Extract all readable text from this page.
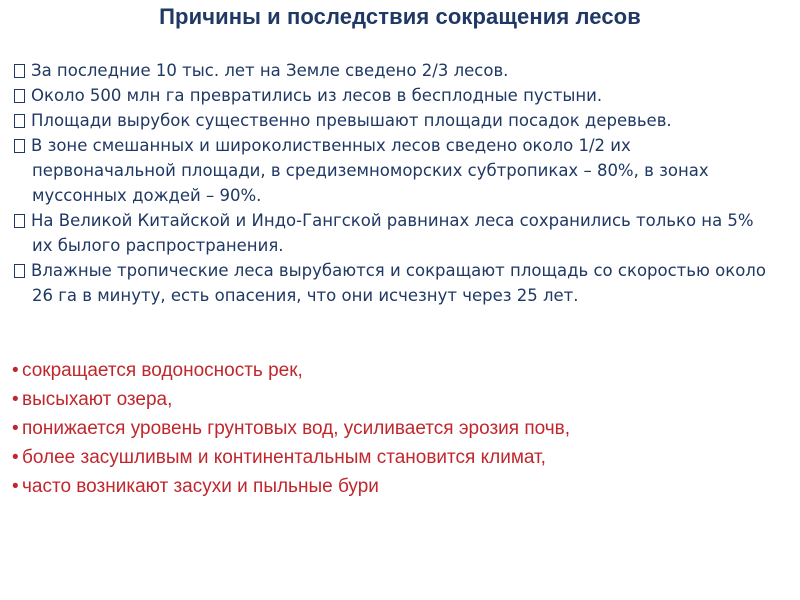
Причины и последствия сокращения лесов
За последние 10 тыс. лет на Земле сведено 2/3 лесов.
Около 500 млн га превратились из лесов в бесплодные пустыни.
Площади вырубок существенно превышают площади посадок деревьев.
В зоне смешанных и широколиственных лесов сведено около 1/2 их первоначальной площади, в средиземноморских субтропиках – 80%, в зонах муссонных дождей – 90%.
На Великой Китайской и Индо-Гангской равнинах леса сохранились только на 5% их былого распространения.
Влажные тропические леса вырубаются и сокращают площадь со скоростью около 26 га в минуту, есть опасения, что они исчезнут через 25 лет.
• сокращается водоносность рек,
• высыхают озера,
• понижается уровень грунтовых вод, усиливается эрозия почв,
• более засушливым и континентальным становится климат,
• часто возникают засухи и пыльные бури
